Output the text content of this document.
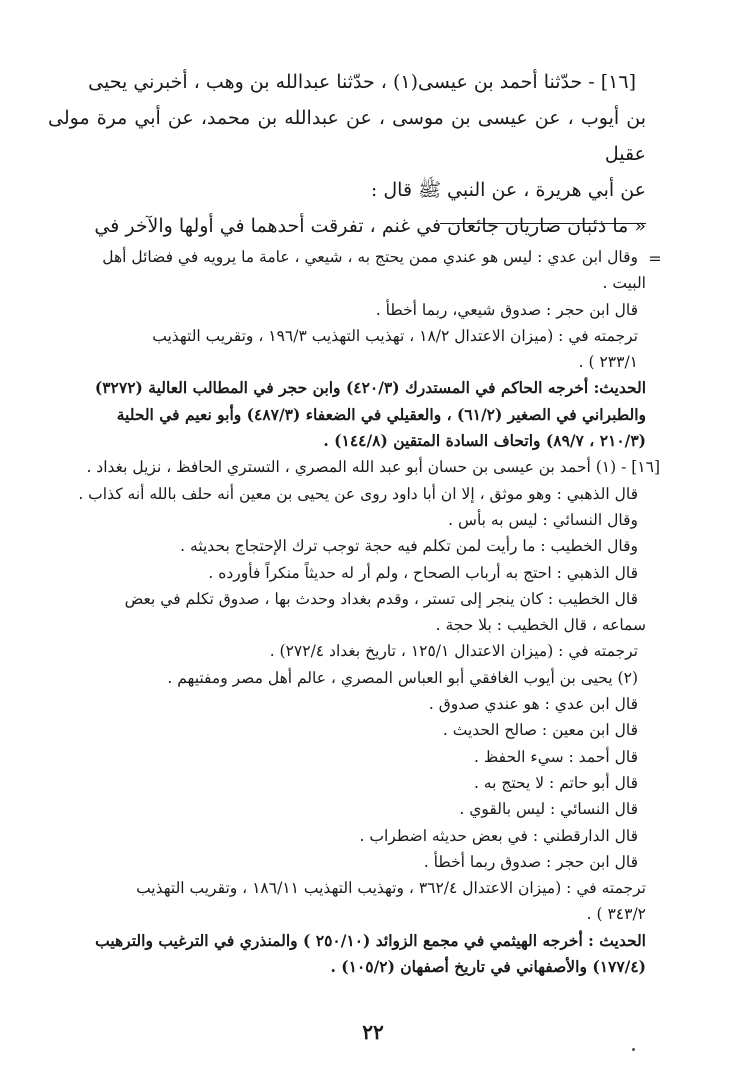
[١٦] - حدّثنا أحمد بن عيسى(١) ، حدّثنا عبدالله بن وهب ، أخبرني يحيى

بن أيوب ، عن عيسى بن موسى ، عن عبدالله بن محمد، عن أبي مرة مولى عقيل

عن أبي هريرة ، عن النبي ﷺ قال :

« ما ذئبان ضاريان جائعان في غنم ، تفرقت أحدهما في أولها والآخر في

=

وقال ابن عدي : ليس هو عندي ممن يحتج به ، شيعي ، عامة ما يرويه في فضائل أهل

البيت .

قال ابن حجر : صدوق شيعي، ربما أخطأ .

ترجمته في : (ميزان الاعتدال ١٨/٢ ، تهذيب التهذيب ١٩٦/٣ ، وتقريب التهذيب

٢٣٣/١ ) .

الحديث: أخرجه الحاكم في المستدرك (٤٢٠/٣) وابن حجر في المطالب العالية (٣٢٧٢)

والطبراني في الصغير (٦١/٢) ، والعقيلي في الضعفاء (٤٨٧/٣) وأبو نعيم في الحلية

(٢١٠/٣ ، ٨٩/٧) واتحاف السادة المتقين (١٤٤/٨) .

[١٦] - (١) أحمد بن عيسى بن حسان أبو عبد الله المصري ، التستري الحافظ ، نزيل بغداد .

قال الذهبي : وهو موثق ، إلا ان أبا داود روى عن يحيى بن معين أنه حلف بالله أنه كذاب .

وقال النسائي : ليس به بأس .

وقال الخطيب : ما رأيت لمن تكلم فيه حجة توجب ترك الإحتجاج بحديثه .

قال الذهبي : احتج به أرباب الصحاح ، ولم أر له حديثاً منكراً فأورده .

قال الخطيب : كان ينجر إلى تستر ، وقدم بغداد وحدث بها ، صدوق تكلم في بعض

سماعه ، قال الخطيب : بلا حجة .

ترجمته في : (ميزان الاعتدال ١٢٥/١ ، تاريخ بغداد ٢٧٢/٤) .

(٢) يحيى بن أيوب الغافقي أبو العباس المصري ، عالم أهل مصر ومفتيهم .

قال ابن عدي : هو عندي صدوق .

قال ابن معين : صالح الحديث .

قال أحمد : سيء الحفظ .

قال أبو حاتم : لا يحتج به .

قال النسائي : ليس بالقوي .

قال الدارقطني : في بعض حديثه اضطراب .

قال ابن حجر : صدوق ربما أخطأ .

ترجمته في : (ميزان الاعتدال ٣٦٢/٤ ، وتهذيب التهذيب ١٨٦/١١ ، وتقريب التهذيب

٣٤٣/٢ ) .

الحديث : أخرجه الهيثمي في مجمع الزوائد (٢٥٠/١٠ ) والمنذري في الترغيب والترهيب

(١٧٧/٤) والأصفهاني في تاريخ أصفهان (١٠٥/٢) .

٢٢
